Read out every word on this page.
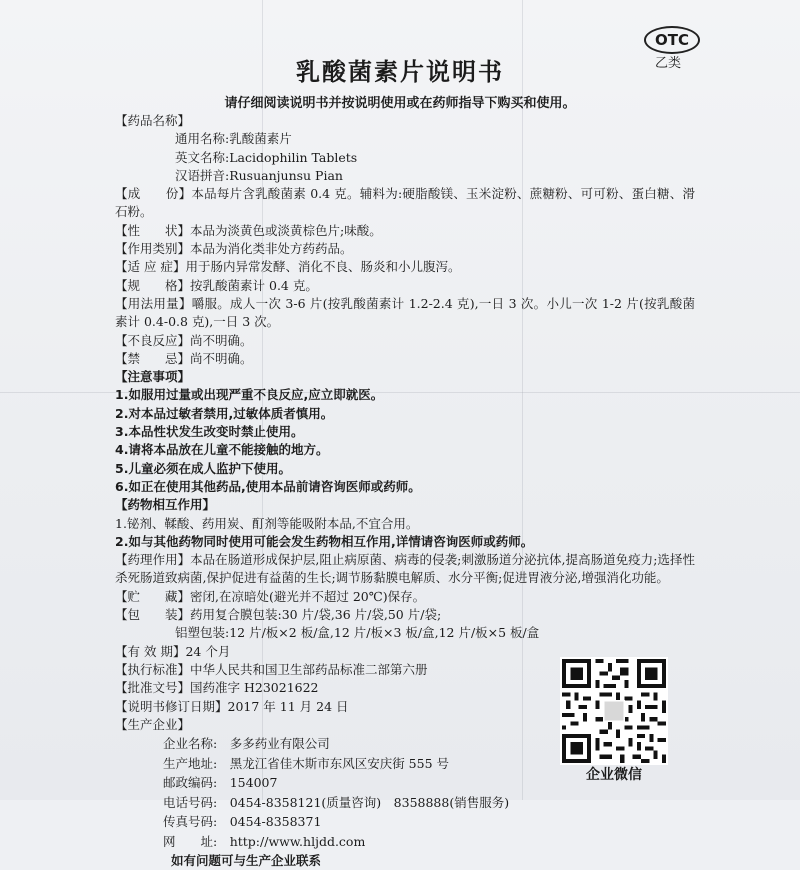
OTC
乙类
乳酸菌素片说明书
请仔细阅读说明书并按说明使用或在药师指导下购买和使用。
【药品名称】
通用名称:乳酸菌素片
英文名称:Lacidophilin Tablets
汉语拼音:Rusuanjunsu Pian
【成　　份】本品每片含乳酸菌素 0.4 克。辅料为:硬脂酸镁、玉米淀粉、蔗糖粉、可可粉、蛋白糖、滑石粉。
【性　　状】本品为淡黄色或淡黄棕色片;味酸。
【作用类别】本品为消化类非处方药药品。
【适 应 症】用于肠内异常发酵、消化不良、肠炎和小儿腹泻。
【规　　格】按乳酸菌素计 0.4 克。
【用法用量】嚼服。成人一次 3-6 片(按乳酸菌素计 1.2-2.4 克),一日 3 次。小儿一次 1-2 片(按乳酸菌素计 0.4-0.8 克),一日 3 次。
【不良反应】尚不明确。
【禁　　忌】尚不明确。
【注意事项】
1.如服用过量或出现严重不良反应,应立即就医。
2.对本品过敏者禁用,过敏体质者慎用。
3.本品性状发生改变时禁止使用。
4.请将本品放在儿童不能接触的地方。
5.儿童必须在成人监护下使用。
6.如正在使用其他药品,使用本品前请咨询医师或药师。
【药物相互作用】
1.铋剂、鞣酸、药用炭、酊剂等能吸附本品,不宜合用。
2.如与其他药物同时使用可能会发生药物相互作用,详情请咨询医师或药师。
【药理作用】本品在肠道形成保护层,阻止病原菌、病毒的侵袭;刺激肠道分泌抗体,提高肠道免疫力;选择性杀死肠道致病菌,保护促进有益菌的生长;调节肠黏膜电解质、水分平衡;促进胃液分泌,增强消化功能。
【贮　　藏】密闭,在凉暗处(避光并不超过 20℃)保存。
【包　　装】药用复合膜包装:30 片/袋,36 片/袋,50 片/袋;
铝塑包装:12 片/板×2 板/盒,12 片/板×3 板/盒,12 片/板×5 板/盒
【有 效 期】24 个月
【执行标准】中华人民共和国卫生部药品标准二部第六册
【批准文号】国药准字 H23021622
【说明书修订日期】2017 年 11 月 24 日
【生产企业】
企业名称:　多多药业有限公司
生产地址:　黑龙江省佳木斯市东风区安庆街 555 号
邮政编码:　154007
电话号码:　0454-8358121(质量咨询)　8358888(销售服务)
传真号码:　0454-8358371
网　　址:　http://www.hljdd.com
如有问题可与生产企业联系
企业微信
